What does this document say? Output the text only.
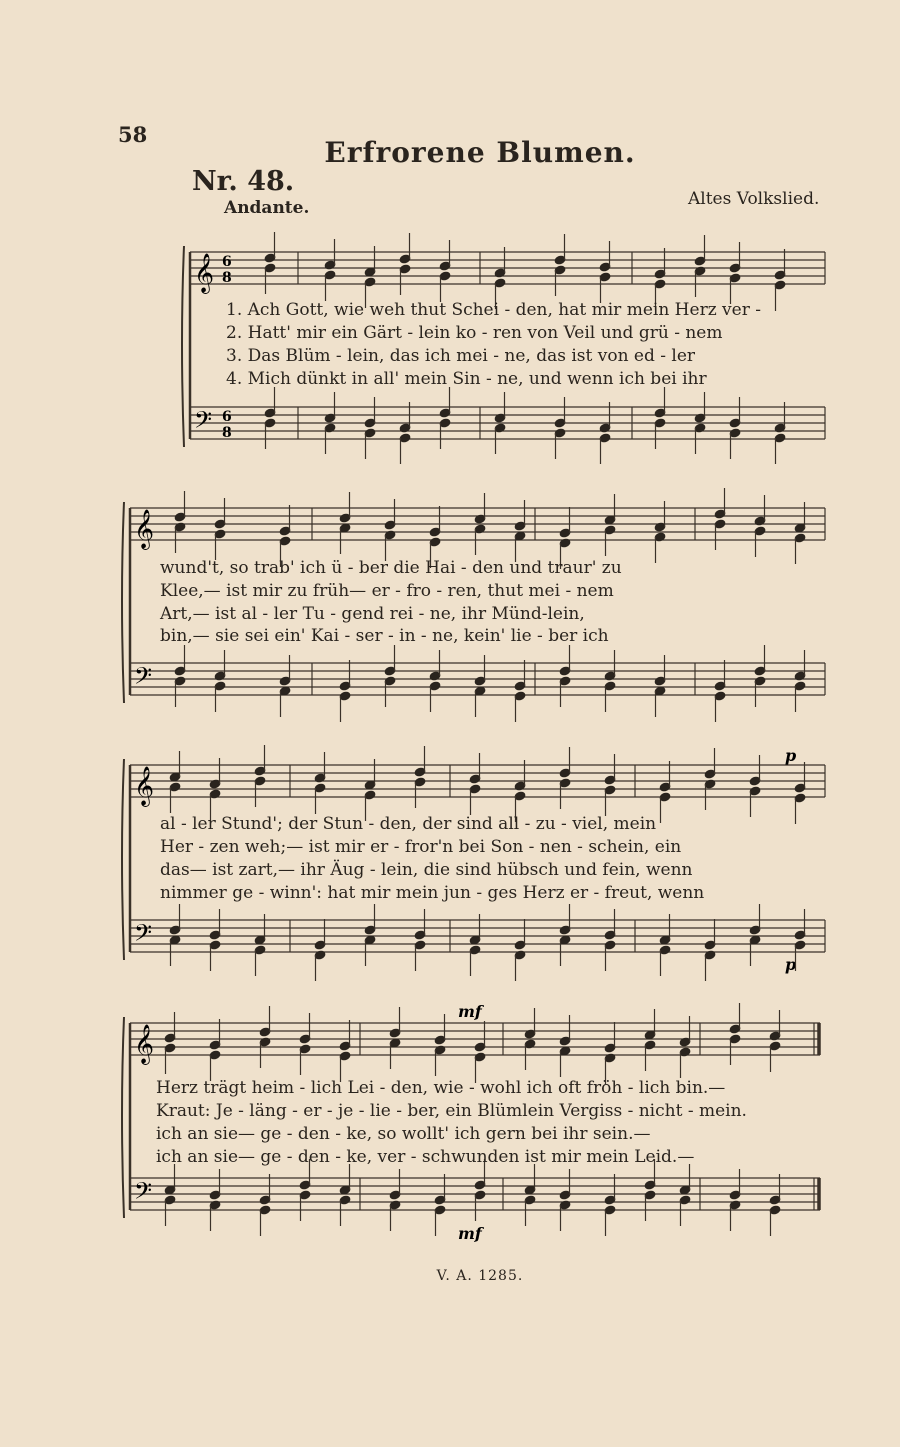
58
Erfrorene Blumen.
Nr. 48.
Andante.	Altes Volkslied.
𝄞
𝄢
6
8
6
8
𝄞
𝄢
𝄞
𝄢
p
p
𝄞
𝄢
mf
mf
1. Ach Gott, wie weh thut Schei - den, hat mir mein Herz ver -
2. Hatt' mir ein Gärt - lein ko - ren von Veil und grü - nem
3. Das Blüm - lein, das ich mei - ne, das ist von ed - ler
4. Mich dünkt in all' mein Sin - ne, und wenn ich bei ihr
wund't, so trab' ich ü - ber die Hai - den und traur' zu
Klee,— ist mir zu früh— er - fro - ren, thut mei - nem
Art,— ist al - ler Tu - gend rei - ne, ihr Münd-lein,
bin,— sie sei ein' Kai - ser - in - ne, kein' lie - ber ich
al - ler Stund'; der Stun - den, der sind all - zu - viel, mein
Her - zen weh;— ist mir er - fror'n bei Son - nen - schein, ein
das— ist zart,— ihr Äug - lein, die sind hübsch und fein, wenn
nimmer ge - winn': hat mir mein jun - ges Herz er - freut, wenn
Herz trägt heim - lich Lei - den, wie - wohl ich oft fröh - lich bin.—
Kraut: Je - läng - er - je - lie - ber, ein Blümlein Vergiss - nicht - mein.
ich an sie— ge - den - ke, so wollt' ich gern bei ihr sein.—
ich an sie— ge - den - ke, ver - schwunden ist mir mein Leid.—
V. A. 1285.
